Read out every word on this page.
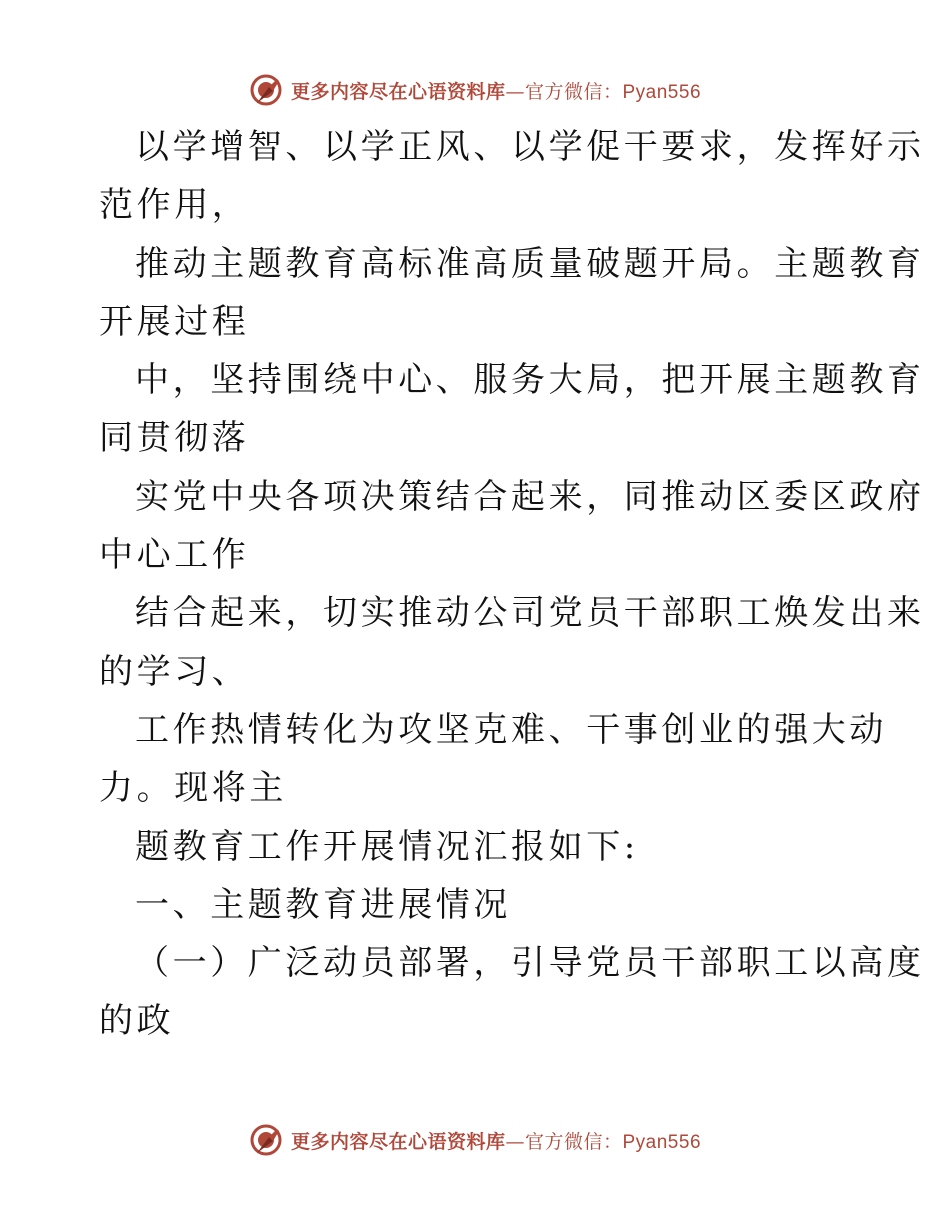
更多内容尽在心语资料库—官方微信：Pyan556
以学增智、以学正风、以学促干要求，发挥好示
范作用，
推动主题教育高标准高质量破题开局。主题教育
开展过程
中，坚持围绕中心、服务大局，把开展主题教育
同贯彻落
实党中央各项决策结合起来，同推动区委区政府
中心工作
结合起来，切实推动公司党员干部职工焕发出来
的学习、
工作热情转化为攻坚克难、干事创业的强大动
力。现将主
题教育工作开展情况汇报如下:
一、主题教育进展情况
（一）广泛动员部署，引导党员干部职工以高度
的政
更多内容尽在心语资料库—官方微信：Pyan556
